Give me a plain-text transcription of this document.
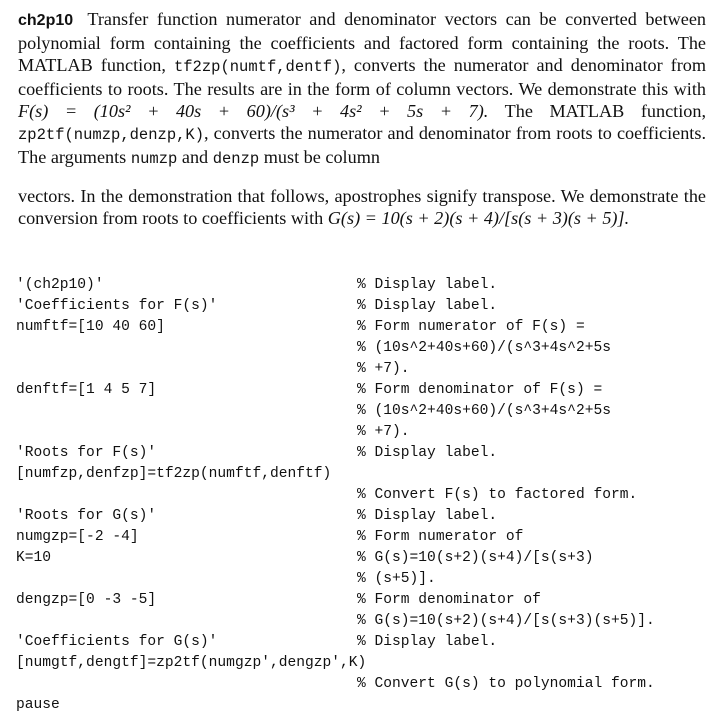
ch2p10 Transfer function numerator and denominator vectors can be converted between polynomial form containing the coefficients and factored form containing the roots. The MATLAB function, tf2zp(numtf,dentf), converts the numerator and denominator from coefficients to roots. The results are in the form of column vectors. We demonstrate this with F(s) = (10s² + 40s + 60)/(s³ + 4s² + 5s + 7). The MATLAB function, zp2tf(numzp,denzp,K), converts the numerator and denominator from roots to coefficients. The arguments numzp and denzp must be column

vectors. In the demonstration that follows, apostrophes signify transpose. We demonstrate the conversion from roots to coefficients with G(s) = 10(s + 2)(s + 4)/[s(s + 3)(s + 5)].

'(ch2p10)'	% Display label.
'Coefficients for F(s)'	% Display label.
numftf=[10 40 60]	% Form numerator of F(s) =
% (10s^2+40s+60)/(s^3+4s^2+5s
% +7).
denftf=[1 4 5 7]	% Form denominator of F(s) =
% (10s^2+40s+60)/(s^3+4s^2+5s
% +7).
'Roots for F(s)'	% Display label.
[numfzp,denfzp]=tf2zp(numftf,denftf)
% Convert F(s) to factored form.
'Roots for G(s)'	% Display label.
numgzp=[-2 -4]	% Form numerator of
K=10	% G(s)=10(s+2)(s+4)/[s(s+3)
% (s+5)].
dengzp=[0 -3 -5]	% Form denominator of
% G(s)=10(s+2)(s+4)/[s(s+3)(s+5)].
'Coefficients for G(s)'	% Display label.
[numgtf,dengtf]=zp2tf(numgzp',dengzp',K)
% Convert G(s) to polynomial form.
pause
